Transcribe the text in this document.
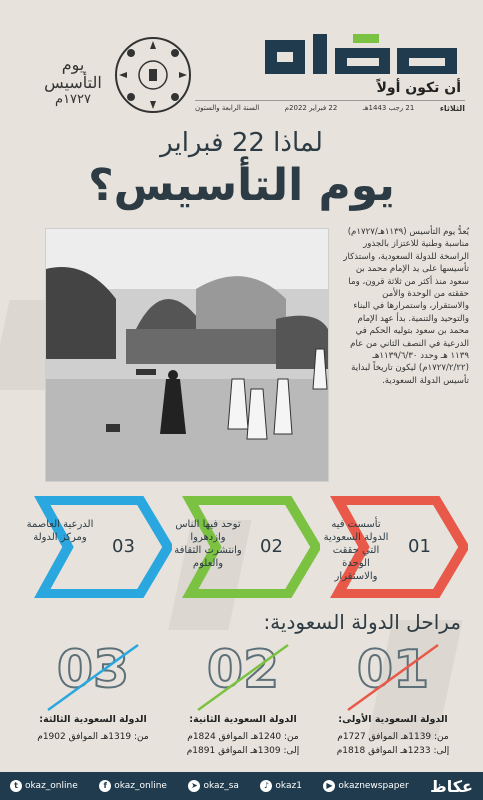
أن تكون أولاً
الثلاثاء
21 رجب 1443هـ
22 فبراير 2022م
السنة الرابعة والستون
يوم التأسيس
١٧٢٧م
لماذا 22 فبراير
يوم التأسيس؟
يُعدُّ يوم التأسيس (١١٣٩هـ/١٧٢٧م) مناسبة وطنية للاعتزاز بالجذور الراسخة للدولة السعودية، واستذكار تأسيسها على يد الإمام محمد بن سعود منذ أكثر من ثلاثة قرون، وما حققته من الوحدة والأمن والاستقرار، واستمرارها في البناء والتوحيد والتنمية. بدأ عهد الإمام محمد بن سعود بتوليه الحكم في الدرعية في النصف الثاني من عام ١١٣٩ هـ وحدد ١١٣٩/٦/٣٠هـ (١٧٢٧/٢/٢٢م) ليكون تاريخاً لبداية تأسيس الدولة السعودية.
تأسست فيه الدولة السعودية التي حققت الوحدة والاستقرار
01
توحد فيها الناس وازدهروا وانتشرت الثقافة والعلوم
02
الدرعية العاصمة ومركز الدولة	03
مراحل الدولة السعودية:
01
الدولة السعودية الأولى:
من: 1139هـ الموافق 1727م
إلى: 1233هـ الموافق 1818م
02
الدولة السعودية الثانية:
من: 1240هـ الموافق 1824م
إلى: 1309هـ الموافق 1891م
03
الدولة السعودية الثالثة:
من: 1319هـ الموافق 1902م
t okaz_online	f okaz_online	➤ okaz_sa	♪ okaz1	▶ okaznewspaper عكاظ
